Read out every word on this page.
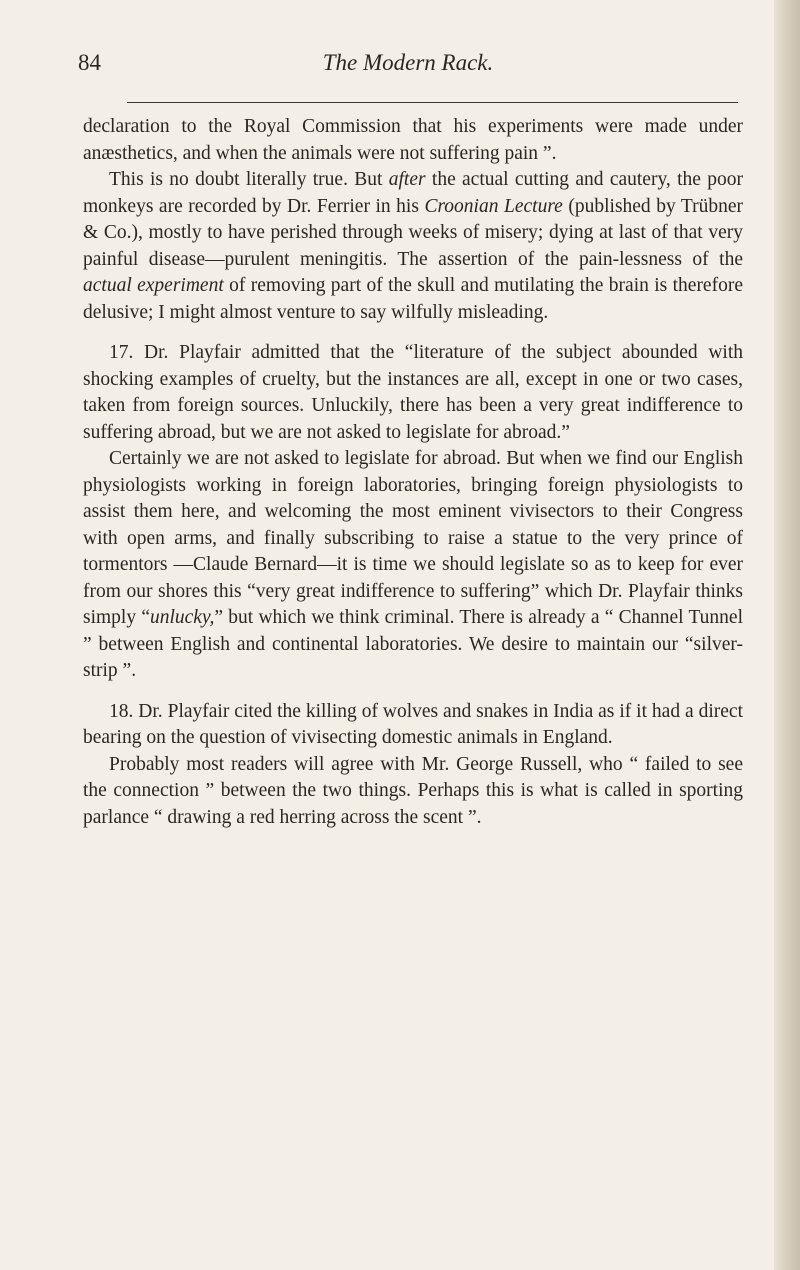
84	The Modern Rack.

declaration to the Royal Commission that his experiments were made under anæsthetics, and when the animals were not suffering pain ”.

This is no doubt literally true. But after the actual cutting and cautery, the poor monkeys are recorded by Dr. Ferrier in his Croonian Lecture (published by Trübner & Co.), mostly to have perished through weeks of misery; dying at last of that very painful disease—purulent meningitis. The assertion of the pain-lessness of the actual experiment of removing part of the skull and mutilating the brain is therefore delusive; I might almost venture to say wilfully misleading.

17. Dr. Playfair admitted that the “literature of the subject abounded with shocking examples of cruelty, but the instances are all, except in one or two cases, taken from foreign sources. Unluckily, there has been a very great indifference to suffering abroad, but we are not asked to legislate for abroad.”

Certainly we are not asked to legislate for abroad. But when we find our English physiologists working in foreign laboratories, bringing foreign physiologists to assist them here, and welcoming the most eminent vivisectors to their Congress with open arms, and finally subscribing to raise a statue to the very prince of tormentors —Claude Bernard—it is time we should legislate so as to keep for ever from our shores this “very great indifference to suffering” which Dr. Playfair thinks simply “unlucky,” but which we think criminal. There is already a “ Channel Tunnel ” between English and continental laboratories. We desire to maintain our “silver-strip ”.

18. Dr. Playfair cited the killing of wolves and snakes in India as if it had a direct bearing on the question of vivisecting domestic animals in England.

Probably most readers will agree with Mr. George Russell, who “ failed to see the connection ” between the two things. Perhaps this is what is called in sporting parlance “ drawing a red herring across the scent ”.
